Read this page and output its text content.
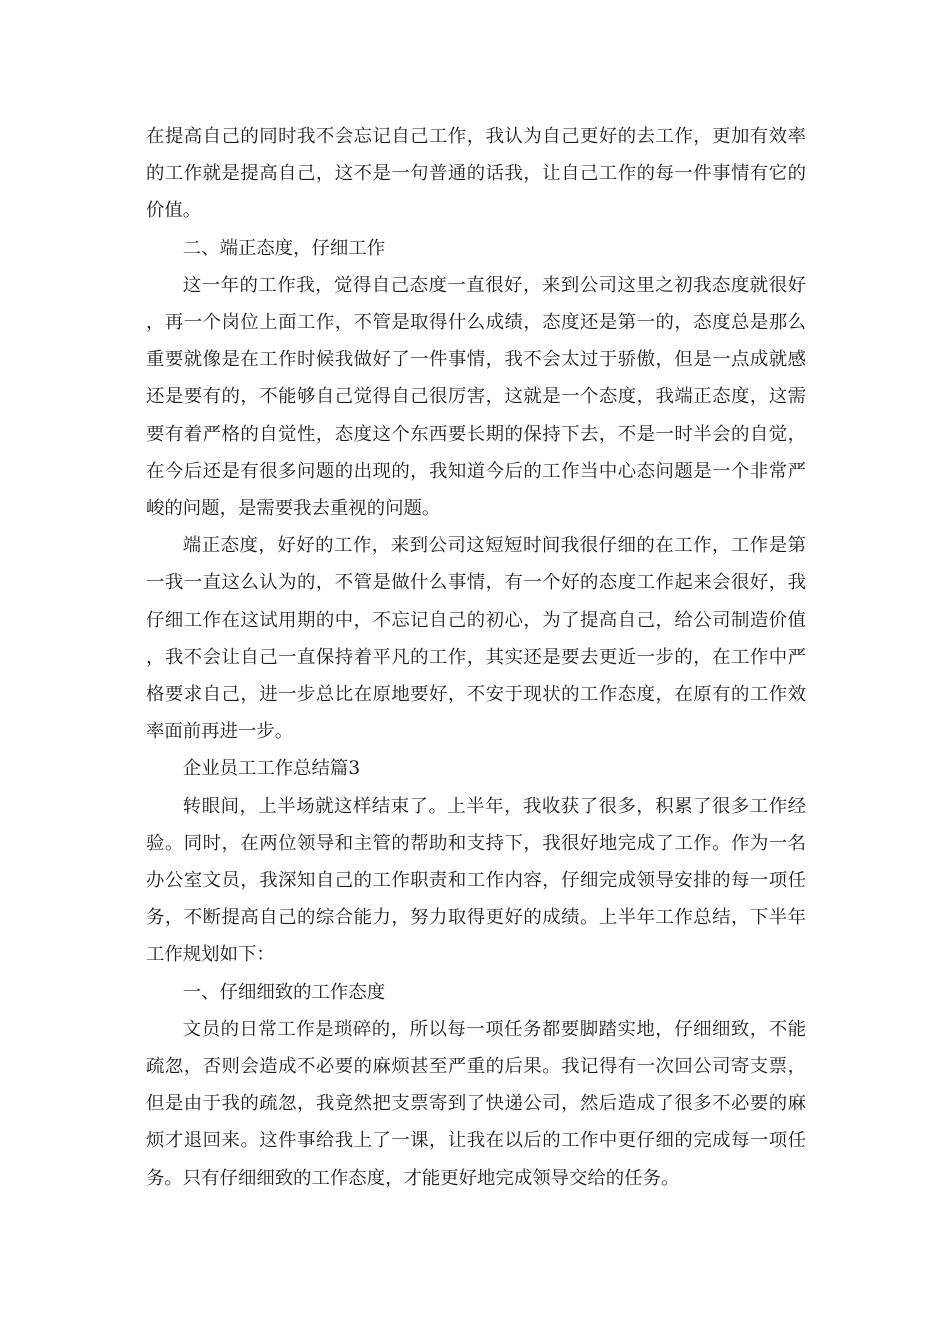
在提高自己的同时我不会忘记自己工作，我认为自己更好的去工作，更加有效率的工作就是提高自己，这不是一句普通的话我，让自己工作的每一件事情有它的价值。

二、端正态度，仔细工作

这一年的工作我，觉得自己态度一直很好，来到公司这里之初我态度就很好，再一个岗位上面工作，不管是取得什么成绩，态度还是第一的，态度总是那么重要就像是在工作时候我做好了一件事情，我不会太过于骄傲，但是一点成就感还是要有的，不能够自己觉得自己很厉害，这就是一个态度，我端正态度，这需要有着严格的自觉性，态度这个东西要长期的保持下去，不是一时半会的自觉，在今后还是有很多问题的出现的，我知道今后的工作当中心态问题是一个非常严峻的问题，是需要我去重视的问题。

端正态度，好好的工作，来到公司这短短时间我很仔细的在工作，工作是第一我一直这么认为的，不管是做什么事情，有一个好的态度工作起来会很好，我仔细工作在这试用期的中，不忘记自己的初心，为了提高自己，给公司制造价值，我不会让自己一直保持着平凡的工作，其实还是要去更近一步的，在工作中严格要求自己，进一步总比在原地要好，不安于现状的工作态度，在原有的工作效率面前再进一步。

企业员工工作总结篇3

转眼间，上半场就这样结束了。上半年，我收获了很多，积累了很多工作经验。同时，在两位领导和主管的帮助和支持下，我很好地完成了工作。作为一名办公室文员，我深知自己的工作职责和工作内容，仔细完成领导安排的每一项任务，不断提高自己的综合能力，努力取得更好的成绩。上半年工作总结，下半年工作规划如下：

一、仔细细致的工作态度

文员的日常工作是琐碎的，所以每一项任务都要脚踏实地，仔细细致，不能疏忽，否则会造成不必要的麻烦甚至严重的后果。我记得有一次回公司寄支票，但是由于我的疏忽，我竟然把支票寄到了快递公司，然后造成了很多不必要的麻烦才退回来。这件事给我上了一课，让我在以后的工作中更仔细的完成每一项任务。只有仔细细致的工作态度，才能更好地完成领导交给的任务。
